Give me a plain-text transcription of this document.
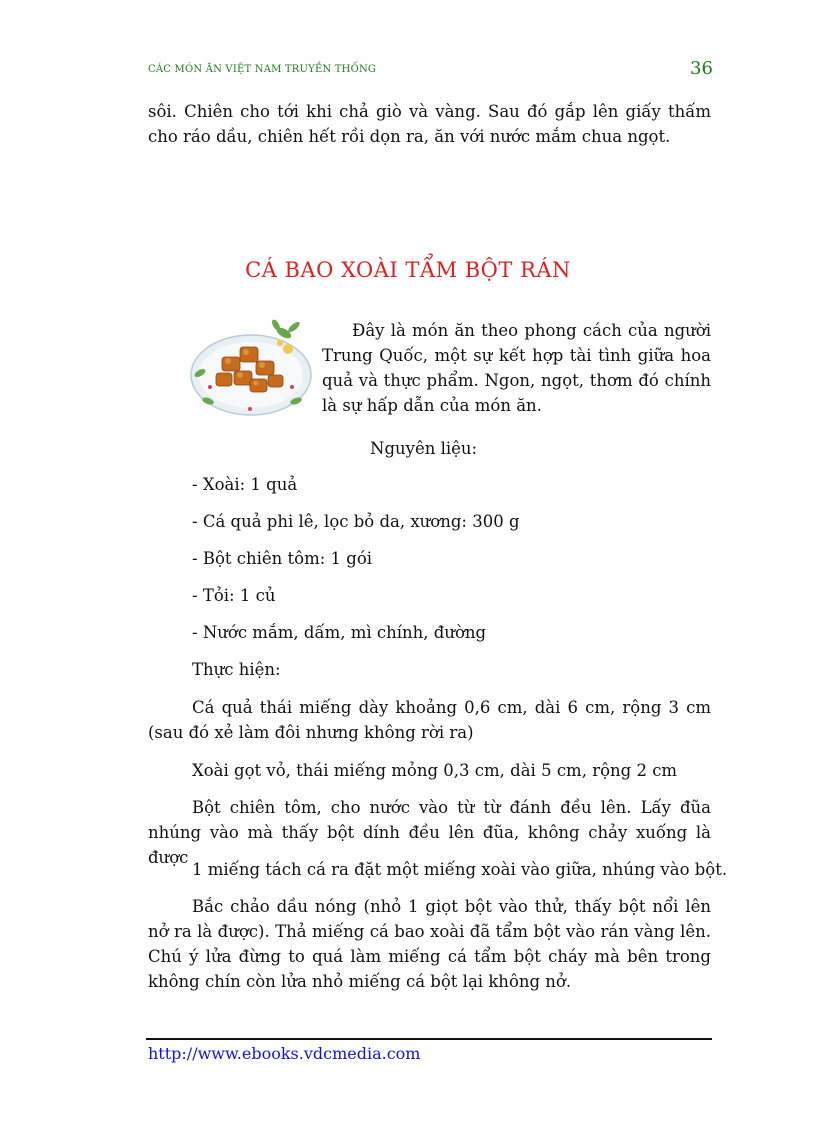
CÁC MÓN ĂN VIỆT NAM TRUYỀN THỐNG	36
sôi. Chiên cho tới khi chả giò và vàng. Sau đó gắp lên giấy thấm cho ráo dầu, chiên hết rồi dọn ra, ăn với nước mắm chua ngọt.
CÁ BAO XOÀI TẨM BỘT RÁN
Đây là món ăn theo phong cách của người Trung Quốc, một sự kết hợp tài tình giữa hoa quả và thực phẩm. Ngon, ngọt, thơm đó chính là sự hấp dẫn của món ăn.
Nguyên liệu:
- Xoài: 1 quả
- Cá quả phi lê, lọc bỏ da, xương: 300 g
- Bột chiên tôm: 1 gói
- Tỏi: 1 củ
- Nước mắm, dấm, mì chính, đường
Thực hiện:
Cá quả thái miếng dày khoảng 0,6 cm, dài 6 cm, rộng 3 cm (sau đó xẻ làm đôi nhưng không rời ra)
Xoài gọt vỏ, thái miếng mỏng 0,3 cm, dài 5 cm, rộng 2 cm
Bột chiên tôm, cho nước vào từ từ đánh đều lên. Lấy đũa nhúng vào mà thấy bột dính đều lên đũa, không chảy xuống là được
1 miếng tách cá ra đặt một miếng xoài vào giữa, nhúng vào bột.
Bắc chảo dầu nóng (nhỏ 1 giọt bột vào thử, thấy bột nổi lên nở ra là được). Thả miếng cá bao xoài đã tẩm bột vào rán vàng lên. Chú ý lửa đừng to quá làm miếng cá tẩm bột cháy mà bên trong không chín còn lửa nhỏ miếng cá bột lại không nở.
http://www.ebooks.vdcmedia.com
